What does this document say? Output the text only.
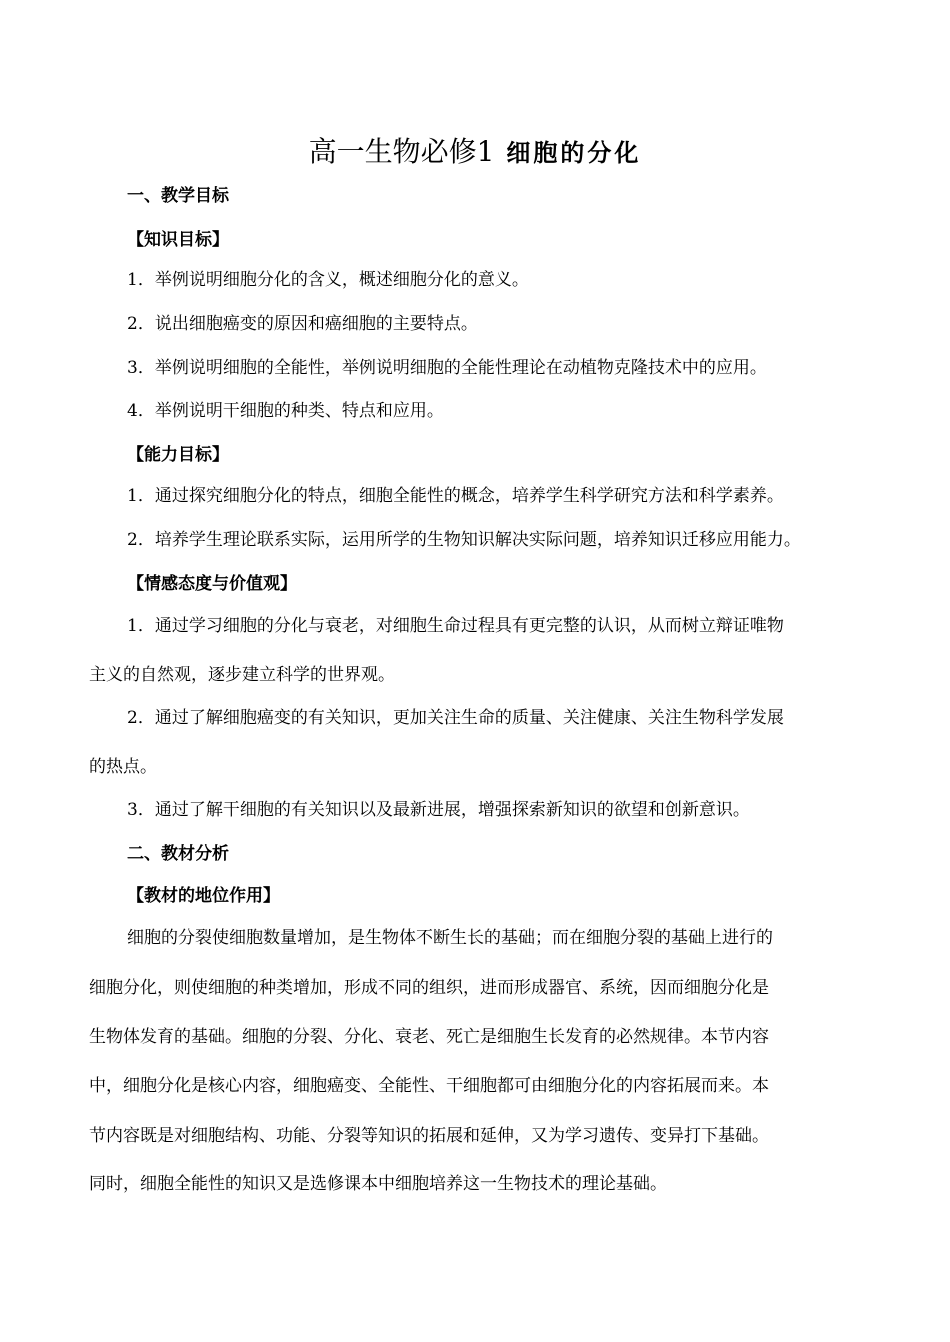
高一生物必修1 细胞的分化
一、教学目标
【知识目标】
1．举例说明细胞分化的含义，概述细胞分化的意义。
2．说出细胞癌变的原因和癌细胞的主要特点。
3．举例说明细胞的全能性，举例说明细胞的全能性理论在动植物克隆技术中的应用。
4．举例说明干细胞的种类、特点和应用。
【能力目标】
1．通过探究细胞分化的特点，细胞全能性的概念，培养学生科学研究方法和科学素养。
2．培养学生理论联系实际，运用所学的生物知识解决实际问题，培养知识迁移应用能力。
【情感态度与价值观】
1．通过学习细胞的分化与衰老，对细胞生命过程具有更完整的认识，从而树立辩证唯物
主义的自然观，逐步建立科学的世界观。
2．通过了解细胞癌变的有关知识，更加关注生命的质量、关注健康、关注生物科学发展
的热点。
3．通过了解干细胞的有关知识以及最新进展，增强探索新知识的欲望和创新意识。
二、教材分析
【教材的地位作用】
细胞的分裂使细胞数量增加，是生物体不断生长的基础；而在细胞分裂的基础上进行的
细胞分化，则使细胞的种类增加，形成不同的组织，进而形成器官、系统，因而细胞分化是
生物体发育的基础。细胞的分裂、分化、衰老、死亡是细胞生长发育的必然规律。本节内容
中，细胞分化是核心内容，细胞癌变、全能性、干细胞都可由细胞分化的内容拓展而来。本
节内容既是对细胞结构、功能、分裂等知识的拓展和延伸，又为学习遗传、变异打下基础。
同时，细胞全能性的知识又是选修课本中细胞培养这一生物技术的理论基础。
